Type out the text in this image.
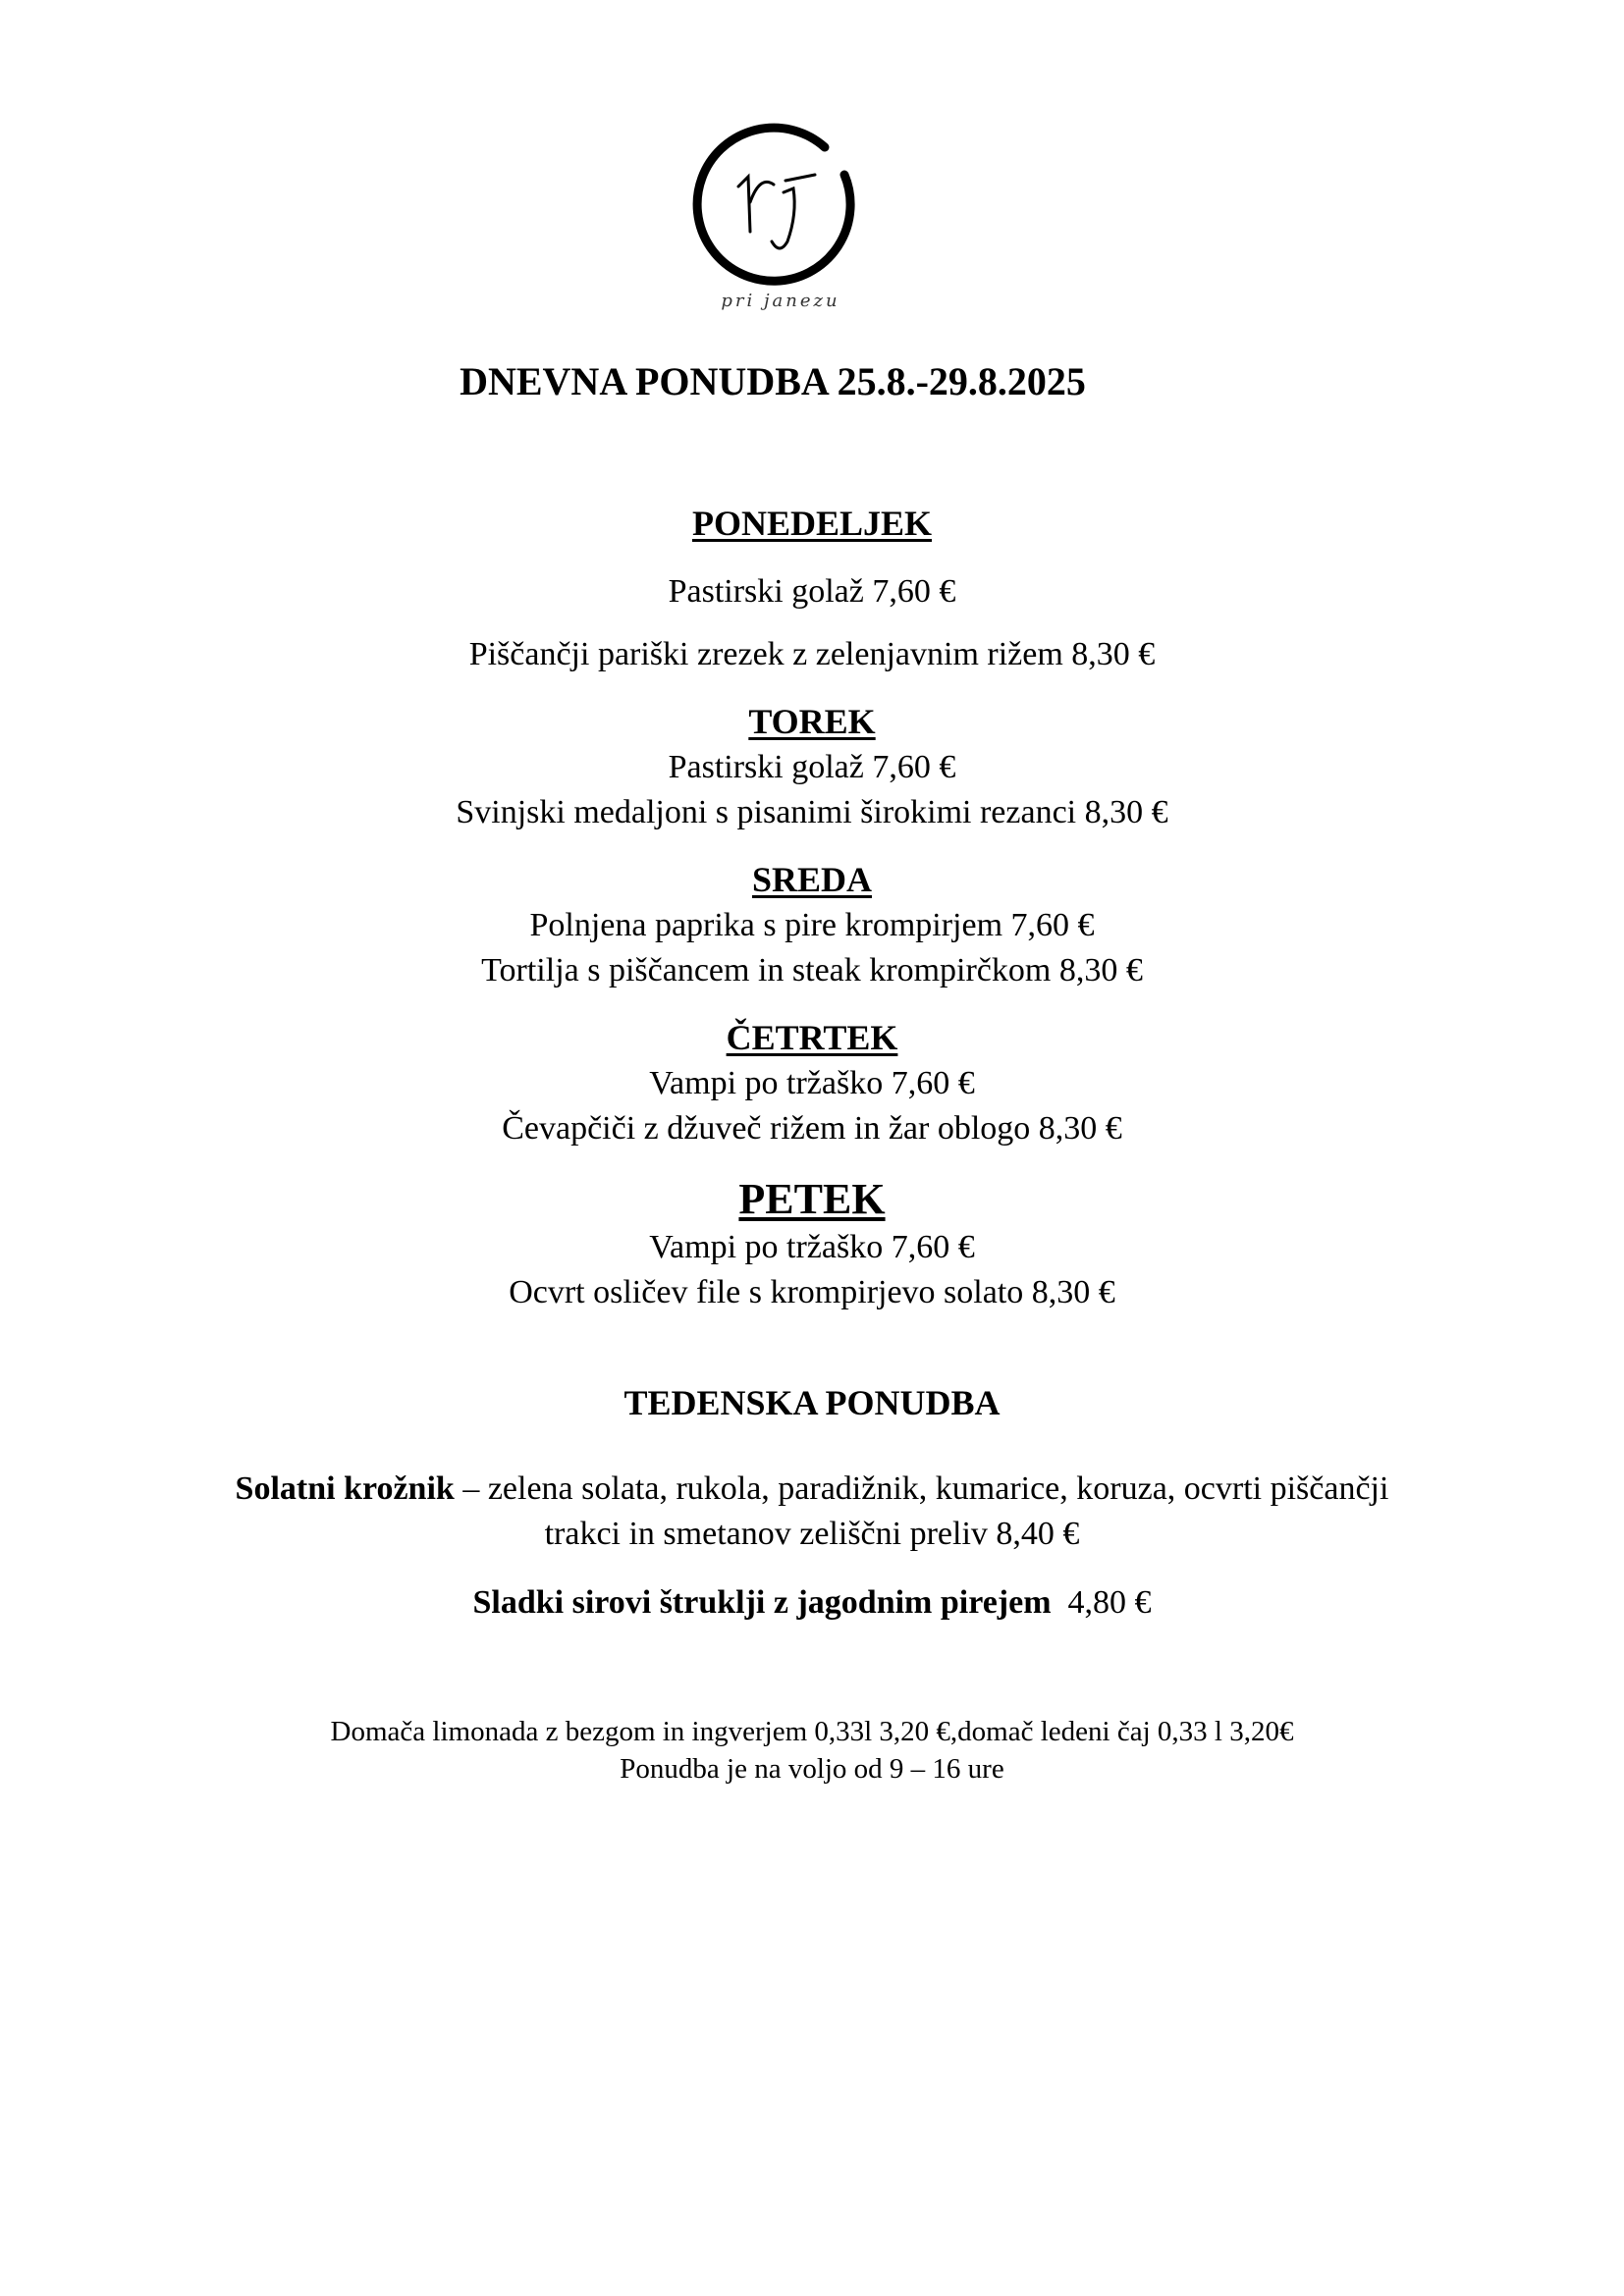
pri janezu
DNEVNA PONUDBA 25.8.-29.8.2025
PONEDELJEK
Pastirski golaž 7,60 €
Piščančji pariški zrezek z zelenjavnim rižem 8,30 €
TOREK
Pastirski golaž 7,60 €
Svinjski medaljoni s pisanimi širokimi rezanci 8,30 €
SREDA
Polnjena paprika s pire krompirjem 7,60 €
Tortilja s piščancem in steak krompirčkom 8,30 €
ČETRTEK
Vampi po tržaško 7,60 €
Čevapčiči z džuveč rižem in žar oblogo 8,30 €
PETEK
Vampi po tržaško 7,60 €
Ocvrt osličev file s krompirjevo solato 8,30 €
TEDENSKA PONUDBA
Solatni krožnik – zelena solata, rukola, paradižnik, kumarice, koruza, ocvrti piščančji
trakci in smetanov zeliščni preliv 8,40 €
Sladki sirovi štruklji z jagodnim pirejem  4,80 €
Domača limonada z bezgom in ingverjem 0,33l 3,20 €,domač ledeni čaj 0,33 l 3,20€
Ponudba je na voljo od 9 – 16 ure
